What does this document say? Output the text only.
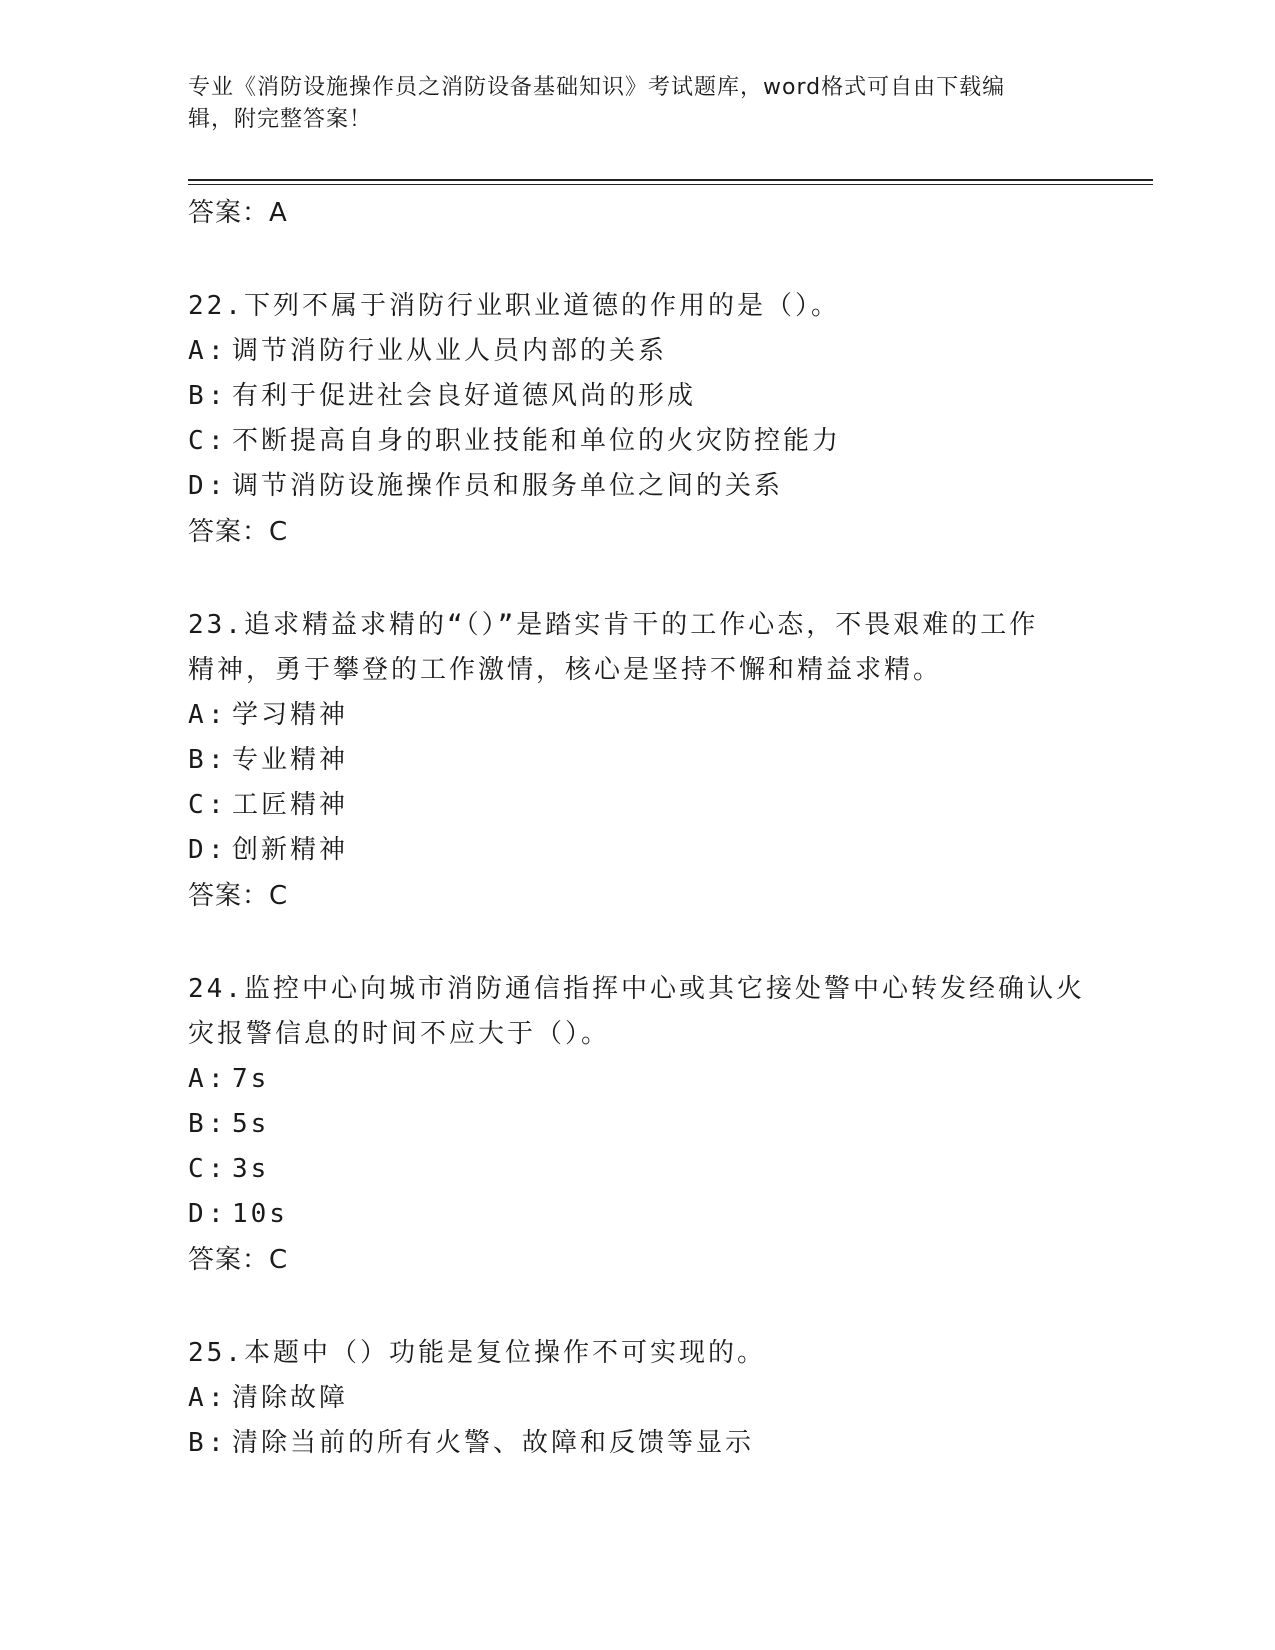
专业《消防设施操作员之消防设备基础知识》考试题库，word格式可自由下载编
辑，附完整答案！
答案：A
22.下列不属于消防行业职业道德的作用的是（）。
A: 调节消防行业从业人员内部的关系
B: 有利于促进社会良好道德风尚的形成
C: 不断提高自身的职业技能和单位的火灾防控能力
D: 调节消防设施操作员和服务单位之间的关系
答案：C
23.追求精益求精的“（）”是踏实肯干的工作心态，不畏艰难的工作
精神，勇于攀登的工作激情，核心是坚持不懈和精益求精。
A: 学习精神
B: 专业精神
C: 工匠精神
D: 创新精神
答案：C
24.监控中心向城市消防通信指挥中心或其它接处警中心转发经确认火
灾报警信息的时间不应大于（）。
A: 7s
B: 5s
C: 3s
D: 10s
答案：C
25.本题中（）功能是复位操作不可实现的。
A: 清除故障
B: 清除当前的所有火警、故障和反馈等显示
